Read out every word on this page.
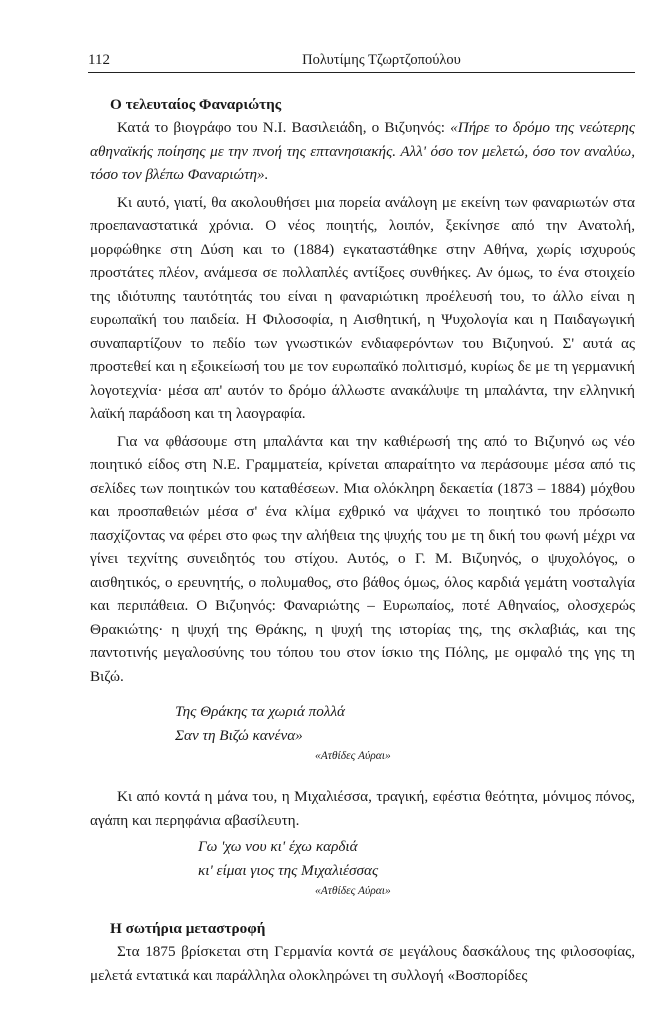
112	Πολυτίμης Τζωρτζοπούλου

Ο τελευταίος Φαναριώτης

Κατά το βιογράφο του Ν.Ι. Βασιλειάδη, ο Βιζυηνός: «Πήρε το δρόμο της νεώτερης αθηναϊκής ποίησης με την πνοή της επτανησιακής. Αλλ' όσο τον μελετώ, όσο τον αναλύω, τόσο τον βλέπω Φαναριώτη».

Κι αυτό, γιατί, θα ακολουθήσει μια πορεία ανάλογη με εκείνη των φαναριωτών στα προεπαναστατικά χρόνια. Ο νέος ποιητής, λοιπόν, ξεκίνησε από την Ανατολή, μορφώθηκε στη Δύση και το (1884) εγκαταστάθηκε στην Αθήνα, χωρίς ισχυρούς προστάτες πλέον, ανάμεσα σε πολλαπλές αντίξοες συνθήκες. Αν όμως, το ένα στοιχείο της ιδιότυπης ταυτότητάς του είναι η φαναριώτικη προέλευσή του, το άλλο είναι η ευρωπαϊκή του παιδεία. Η Φιλοσοφία, η Αισθητική, η Ψυχολογία και η Παιδαγωγική συναπαρτίζουν το πεδίο των γνωστικών ενδιαφερόντων του Βιζυηνού. Σ' αυτά ας προστεθεί και η εξοικείωσή του με τον ευρωπαϊκό πολιτισμό, κυρίως δε με τη γερμανική λογοτεχνία· μέσα απ' αυτόν το δρόμο άλλωστε ανακάλυψε τη μπαλάντα, την ελληνική λαϊκή παράδοση και τη λαογραφία.

Για να φθάσουμε στη μπαλάντα και την καθιέρωσή της από το Βιζυηνό ως νέο ποιητικό είδος στη Ν.Ε. Γραμματεία, κρίνεται απαραίτητο να περάσουμε μέσα από τις σελίδες των ποιητικών του καταθέσεων. Μια ολόκληρη δεκαετία (1873 – 1884) μόχθου και προσπαθειών μέσα σ' ένα κλίμα εχθρικό να ψάχνει το ποιητικό του πρόσωπο πασχίζοντας να φέρει στο φως την αλήθεια της ψυχής του με τη δική του φωνή μέχρι να γίνει τεχνίτης συνειδητός του στίχου. Αυτός, ο Γ. Μ. Βιζυηνός, ο ψυχολόγος, ο αισθητικός, ο ερευνητής, ο πολυμαθος, στο βάθος όμως, όλος καρδιά γεμάτη νοσταλγία και περιπάθεια. Ο Βιζυηνός: Φαναριώτης – Ευρωπαίος, ποτέ Αθηναίος, ολοσχερώς Θρακιώτης· η ψυχή της Θράκης, η ψυχή της ιστορίας της, της σκλαβιάς, και της παντοτινής μεγαλοσύνης του τόπου του στον ίσκιο της Πόλης, με ομφαλό της γης τη Βιζώ.

Της Θράκης τα χωριά πολλά
Σαν τη Βιζώ κανένα»
«Ατθίδες Αύραι»

Κι από κοντά η μάνα του, η Μιχαλιέσσα, τραγική, εφέστια θεότητα, μόνιμος πόνος, αγάπη και περηφάνια αβασίλευτη.

Γω 'χω νου κι' έχω καρδιά
κι' είμαι γιος της Μιχαλιέσσας
«Ατθίδες Αύραι»

Η σωτήρια μεταστροφή

Στα 1875 βρίσκεται στη Γερμανία κοντά σε μεγάλους δασκάλους της φιλοσοφίας, μελετά εντατικά και παράλληλα ολοκληρώνει τη συλλογή «Βοσπορίδες
